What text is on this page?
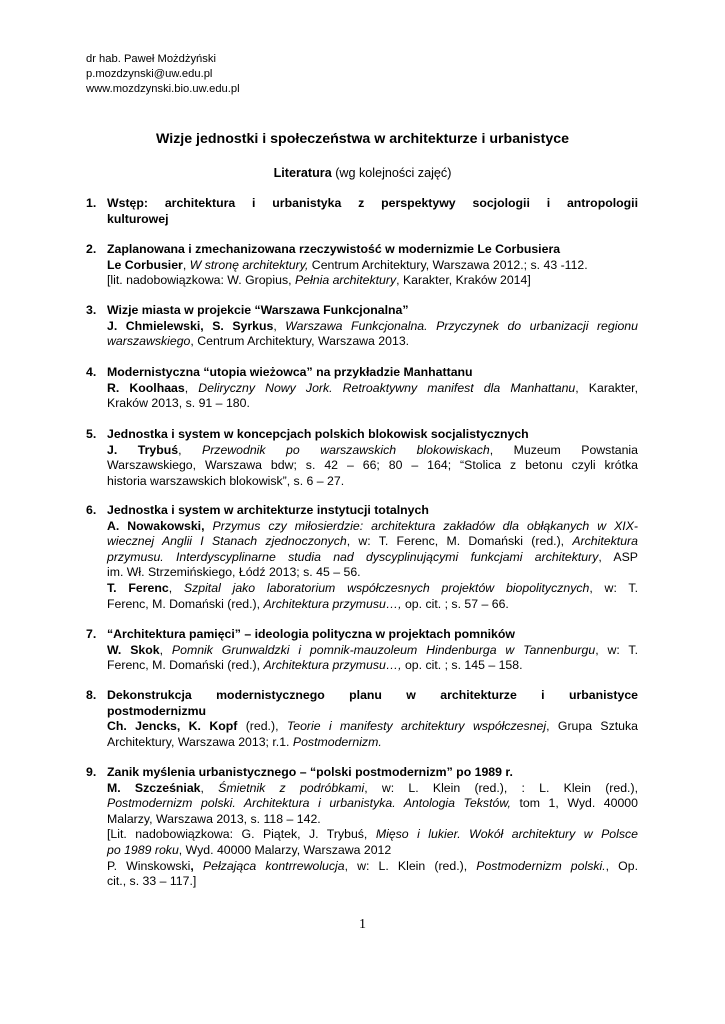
dr hab. Paweł Możdżyński
p.mozdzynski@uw.edu.pl
www.mozdzynski.bio.uw.edu.pl
Wizje jednostki i społeczeństwa w architekturze i urbanistyce
Literatura (wg kolejności zajęć)
1. Wstęp: architektura i urbanistyka z perspektywy socjologii i antropologii
kulturowej
2. Zaplanowana i zmechanizowana rzeczywistość w modernizmie Le Corbusiera
Le Corbusier, W stronę architektury, Centrum Architektury, Warszawa 2012.; s. 43 -112.
[lit. nadobowiązkowa: W. Gropius, Pełnia architektury, Karakter, Kraków 2014]
3. Wizje miasta w projekcie “Warszawa Funkcjonalna”
J. Chmielewski, S. Syrkus, Warszawa Funkcjonalna. Przyczynek do urbanizacji regionu
warszawskiego, Centrum Architektury, Warszawa 2013.
4. Modernistyczna “utopia wieżowca” na przykładzie Manhattanu
R. Koolhaas, Deliryczny Nowy Jork. Retroaktywny manifest dla Manhattanu, Karakter,
Kraków 2013, s. 91 – 180.
5. Jednostka i system w koncepcjach polskich blokowisk socjalistycznych
J. Trybuś, Przewodnik po warszawskich blokowiskach, Muzeum Powstania
Warszawskiego, Warszawa bdw; s. 42 – 66; 80 – 164; “Stolica z betonu czyli krótka
historia warszawskich blokowisk”, s. 6 – 27.
6. Jednostka i system w architekturze instytucji totalnych
A. Nowakowski, Przymus czy miłosierdzie: architektura zakładów dla obłąkanych w XIX-
wiecznej Anglii I Stanach zjednoczonych, w: T. Ferenc, M. Domański (red.), Architektura
przymusu. Interdyscyplinarne studia nad dyscyplinującymi funkcjami architektury, ASP
im. Wł. Strzemińskiego, Łódź 2013; s. 45 – 56.
T. Ferenc, Szpital jako laboratorium współczesnych projektów biopolitycznych, w: T.
Ferenc, M. Domański (red.), Architektura przymusu…, op. cit. ; s. 57 – 66.
7. “Architektura pamięci” – ideologia polityczna w projektach pomników
W. Skok, Pomnik Grunwaldzki i pomnik-mauzoleum Hindenburga w Tannenburgu, w: T.
Ferenc, M. Domański (red.), Architektura przymusu…, op. cit. ; s. 145 – 158.
8. Dekonstrukcja modernistycznego planu w architekturze i urbanistyce
postmodernizmu
Ch. Jencks, K. Kopf (red.), Teorie i manifesty architektury współczesnej, Grupa Sztuka
Architektury, Warszawa 2013; r.1. Postmodernizm.
9. Zanik myślenia urbanistycznego – “polski postmodernizm” po 1989 r.
M. Szcześniak, Śmietnik z podróbkami, w: L. Klein (red.), : L. Klein (red.),
Postmodernizm polski. Architektura i urbanistyka. Antologia Tekstów, tom 1, Wyd. 40000
Malarzy, Warszawa 2013, s. 118 – 142.
[Lit. nadobowiązkowa: G. Piątek, J. Trybuś, Mięso i lukier. Wokół architektury w Polsce
po 1989 roku, Wyd. 40000 Malarzy, Warszawa 2012
P. Winskowski, Pełzająca kontrrewolucja, w: L. Klein (red.), Postmodernizm polski., Op.
cit., s. 33 – 117.]
1
